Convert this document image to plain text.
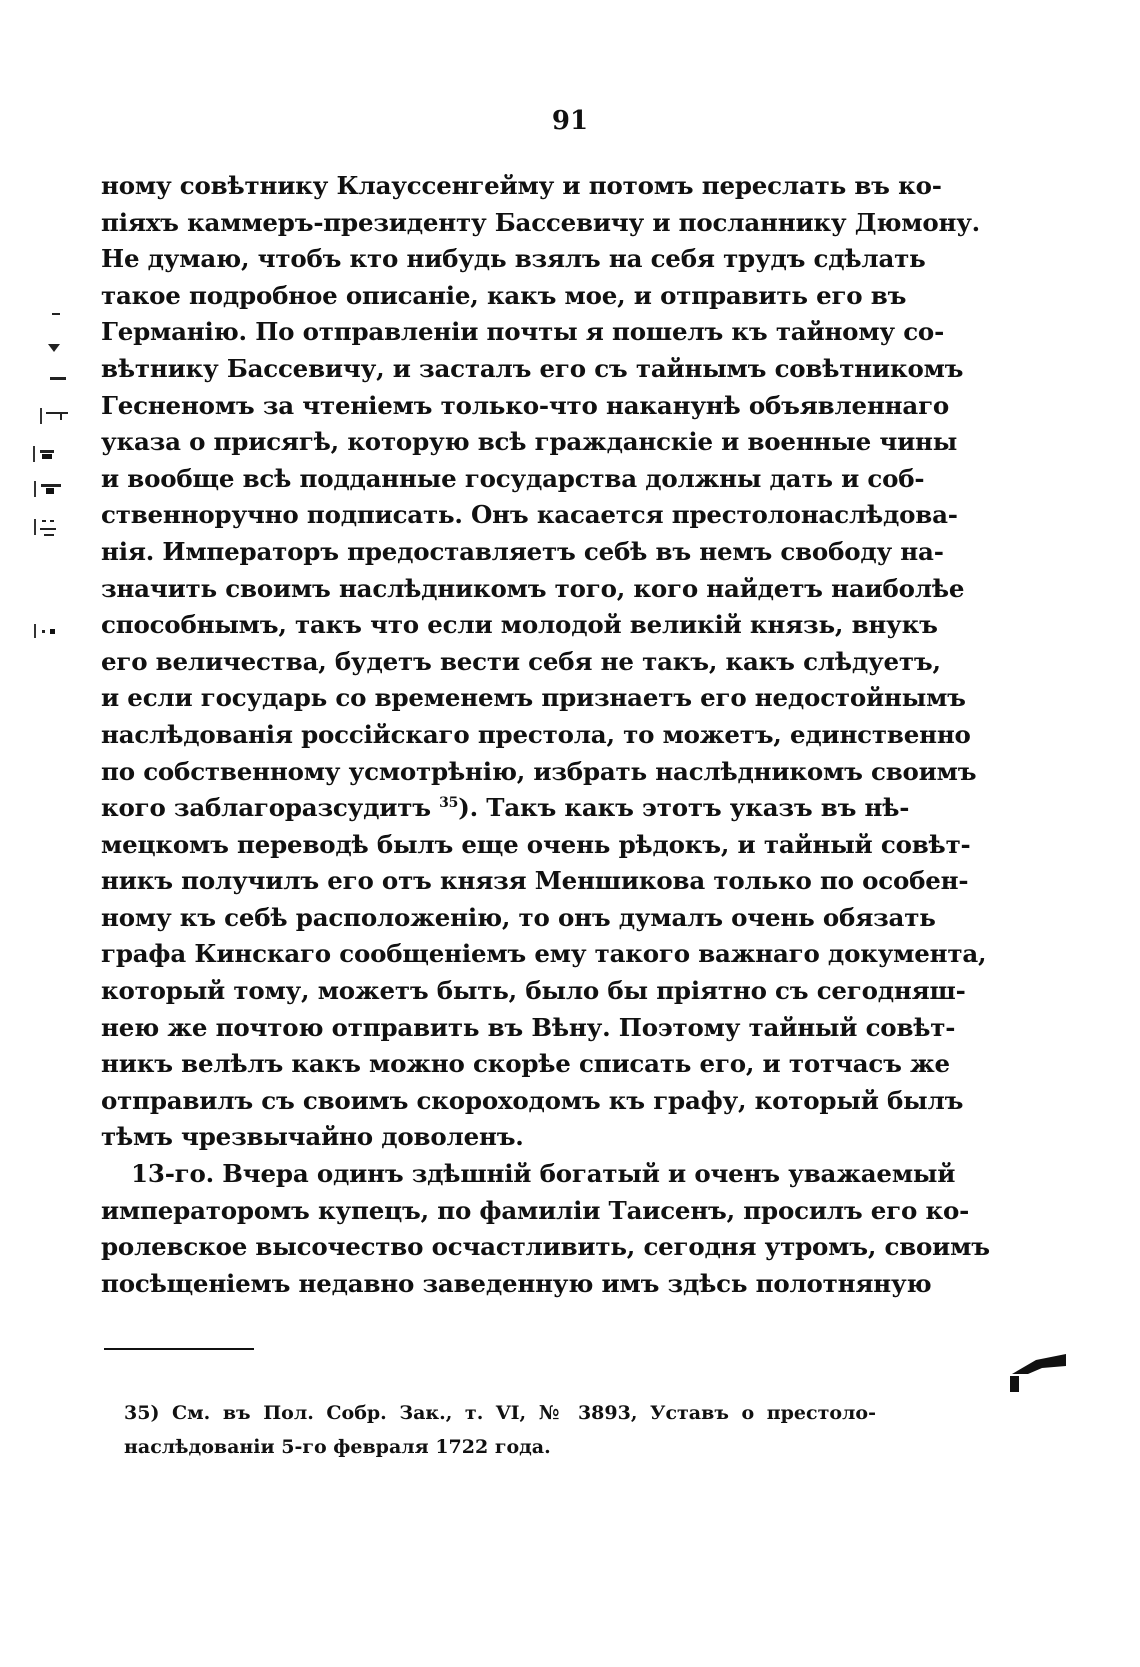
91
ному совѣтнику Клауссенгейму и потомъ переслать въ ко-
піяхъ каммеръ-президенту Бассевичу и посланнику Дюмону.
Не думаю, чтобъ кто нибудь взялъ на себя трудъ сдѣлать
такое подробное описаніе, какъ мое, и отправить его въ
Германію. По отправленіи почты я пошелъ къ тайному со-
вѣтнику Бассевичу, и засталъ его съ тайнымъ совѣтникомъ
Гесненомъ за чтеніемъ только-что наканунѣ объявленнаго
указа о присягѣ, которую всѣ гражданскіе и военные чины
и вообще всѣ подданные государства должны дать и соб-
ственноручно подписать. Онъ касается престолонаслѣдова-
нія. Императоръ предоставляетъ себѣ въ немъ свободу на-
значить своимъ наслѣдникомъ того, кого найдетъ наиболѣе
способнымъ, такъ что если молодой великій князь, внукъ
его величества, будетъ вести себя не такъ, какъ слѣдуетъ,
и если государь со временемъ признаетъ его недостойнымъ
наслѣдованія россійскаго престола, то можетъ, единственно
по собственному усмотрѣнію, избрать наслѣдникомъ своимъ
кого заблагоразсудитъ $^{35}$). Такъ какъ этотъ указъ въ нѣ-
мецкомъ переводѣ былъ еще очень рѣдокъ, и тайный совѣт-
никъ получилъ его отъ князя Меншикова только по особен-
ному къ себѣ расположенію, то онъ думалъ очень обязать
графа Кинскаго сообщеніемъ ему такого важнаго документа,
который тому, можетъ быть, было бы пріятно съ сегодняш-
нею же почтою отправить въ Вѣну. Поэтому тайный совѣт-
никъ велѣлъ какъ можно скорѣе списать его, и тотчасъ же
отправилъ съ своимъ скороходомъ къ графу, который былъ
тѣмъ чрезвычайно доволенъ.
13-го. Вчера одинъ здѣшній богатый и оченъ уважаемый
императоромъ купецъ, по фамиліи Таисенъ, просилъ его ко-
ролевское высочество осчастливить, сегодня утромъ, своимъ
посѣщеніемъ недавно заведенную имъ здѣсь полотняную
35) См. въ Пол. Собр. Зак., т. VI, № 3893, Уставъ о престоло-
наслѣдованіи 5-го февраля 1722 года.
